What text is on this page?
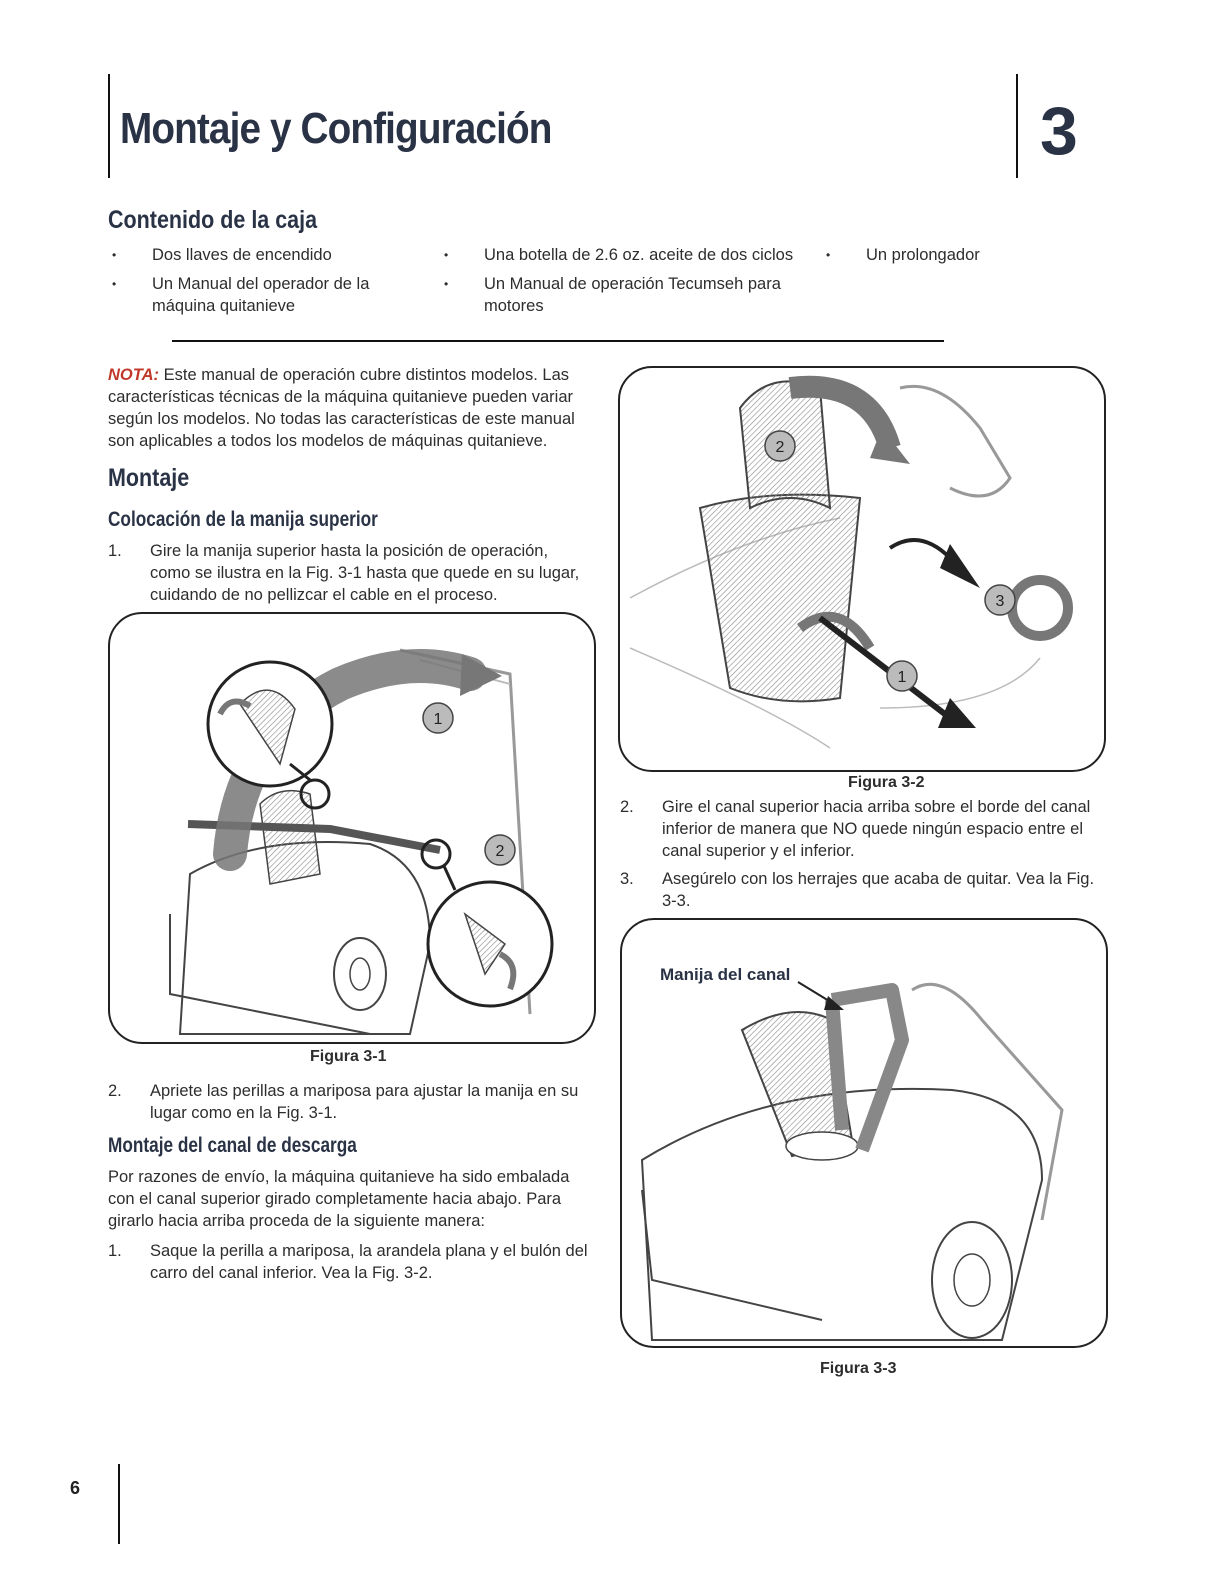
Montaje y Configuración	3
Contenido de la caja
• Dos llaves de encendido	• Una botella de 2.6 oz. aceite de dos ciclos	• Un prolongador
• Un Manual del operador de la máquina quitanieve
• Un Manual de operación Tecumseh para motores
NOTA: Este manual de operación cubre distintos modelos. Las características técnicas de la máquina quitanieve pueden variar según los modelos. No todas las características de este manual son aplicables a todos los modelos de máquinas quitanieve.
Montaje
Colocación de la manija superior
1. Gire la manija superior hasta la posición de operación, como se ilustra en la Fig. 3-1 hasta que quede en su lugar, cuidando de no pellizcar el cable en el proceso.
1
2
Figura 3-1
2. Apriete las perillas a mariposa para ajustar la manija en su lugar como en la Fig. 3-1.
Montaje del canal de descarga
Por razones de envío, la máquina quitanieve ha sido embalada con el canal superior girado completamente hacia abajo. Para girarlo hacia arriba proceda de la siguiente manera:
1. Saque la perilla a mariposa, la arandela plana y el bulón del carro del canal inferior. Vea la Fig. 3-2.
2
3
1
Figura 3-2
2. Gire el canal superior hacia arriba sobre el borde del canal inferior de manera que NO quede ningún espacio entre el canal superior y el inferior.
3. Asegúrelo con los herrajes que acaba de quitar. Vea la Fig. 3-3.
Manija del canal
Figura 3-3
6
